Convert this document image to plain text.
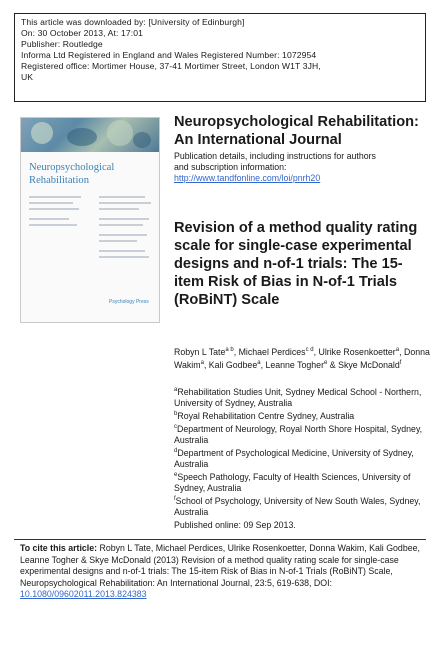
This article was downloaded by: [University of Edinburgh]
On: 30 October 2013, At: 17:01
Publisher: Routledge
Informa Ltd Registered in England and Wales Registered Number: 1072954
Registered office: Mortimer House, 37-41 Mortimer Street, London W1T 3JH,
UK
Neuropsychological
Rehabilitation
Psychology Press
Neuropsychological Rehabilitation: An International Journal
Publication details, including instructions for authors
and subscription information:
http://www.tandfonline.com/loi/pnrh20
Revision of a method quality rating scale for single-case experimental designs and n-of-1 trials: The 15-item Risk of Bias in N-of-1 Trials (RoBiNT) Scale
Robyn L Tate$^{a b}$, Michael Perdices$^{c d}$, Ulrike Rosenkoetter$^a$, Donna Wakim$^a$, Kali Godbee$^a$, Leanne Togher$^e$ & Skye McDonald$^f$
$^a$Rehabilitation Studies Unit, Sydney Medical School - Northern, University of Sydney, Australia
$^b$Royal Rehabilitation Centre Sydney, Australia
$^c$Department of Neurology, Royal North Shore Hospital, Sydney, Australia
$^d$Department of Psychological Medicine, University of Sydney, Australia
$^e$Speech Pathology, Faculty of Health Sciences, University of Sydney, Australia
$^f$School of Psychology, University of New South Wales, Sydney, Australia
Published online: 09 Sep 2013.
To cite this article: Robyn L Tate, Michael Perdices, Ulrike Rosenkoetter, Donna Wakim, Kali Godbee, Leanne Togher & Skye McDonald (2013) Revision of a method quality rating scale for single-case experimental designs and n-of-1 trials: The 15-item Risk of Bias in N-of-1 Trials (RoBiNT) Scale, Neuropsychological Rehabilitation: An International Journal, 23:5, 619-638, DOI: 10.1080/09602011.2013.824383
